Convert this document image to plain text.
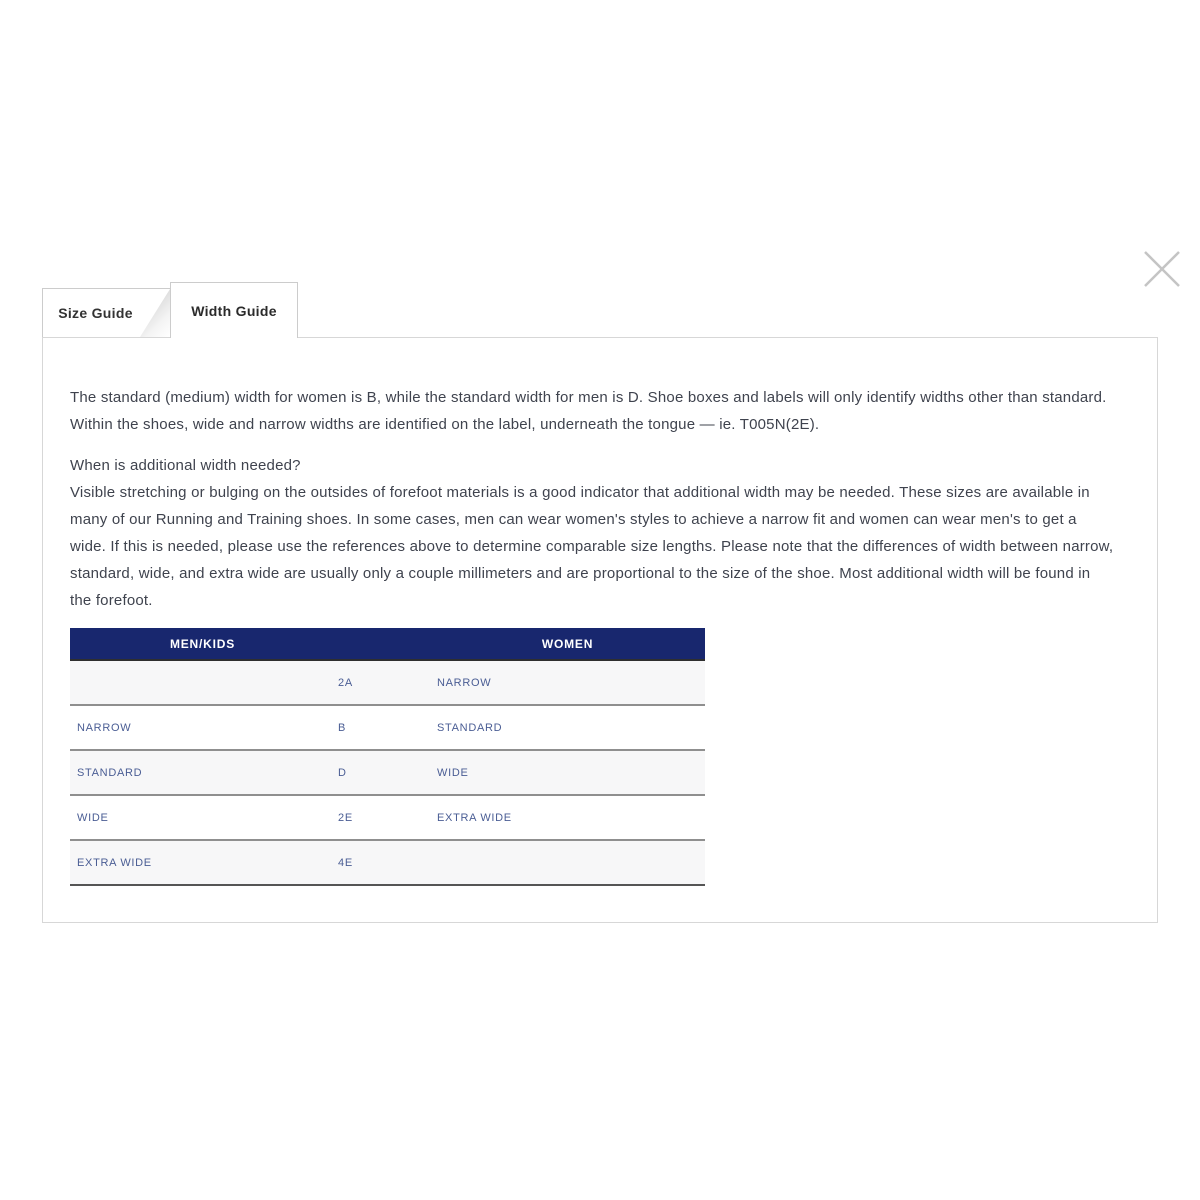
Size Guide	Width Guide

The standard (medium) width for women is B, while the standard width for men is D. Shoe boxes and labels will only identify widths other than standard. Within the shoes, wide and narrow widths are identified on the label, underneath the tongue — ie. T005N(2E).

When is additional width needed?

Visible stretching or bulging on the outsides of forefoot materials is a good indicator that additional width may be needed. These sizes are available in many of our Running and Training shoes. In some cases, men can wear women's styles to achieve a narrow fit and women can wear men's to get a wide. If this is needed, please use the references above to determine comparable size lengths. Please note that the differences of width between narrow, standard, wide, and extra wide are usually only a couple millimeters and are proportional to the size of the shoe. Most additional width will be found in the forefoot.

MEN/KIDS		WOMEN
	2A	NARROW
NARROW	B	STANDARD
STANDARD	D	WIDE
WIDE	2E	EXTRA WIDE
EXTRA WIDE	4E	
